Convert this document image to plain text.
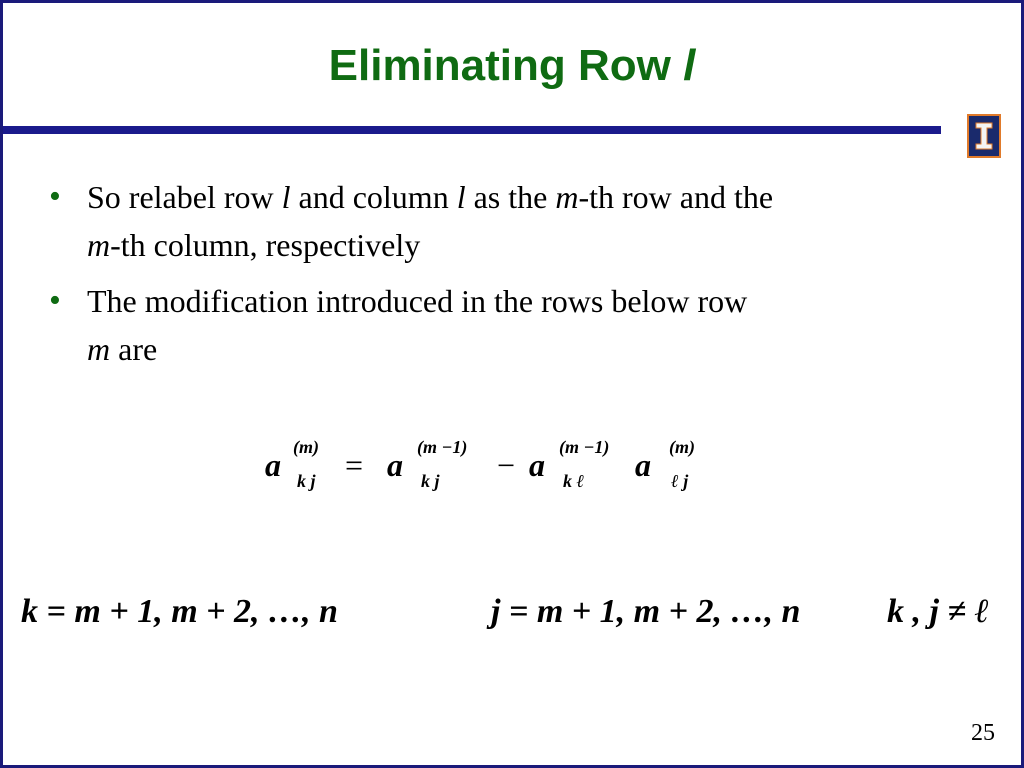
Eliminating Row l
• So relabel row l and column l as the m-th row and the
m-th column, respectively
• The modification introduced in the rows below row
m are
a (m)
k j = a (m −1)
k j − a (m −1)
k ℓ a (m)
ℓ j
k = m + 1, m + 2, …, n	j = m + 1, m + 2, …, n	k , j ≠ ℓ
25
